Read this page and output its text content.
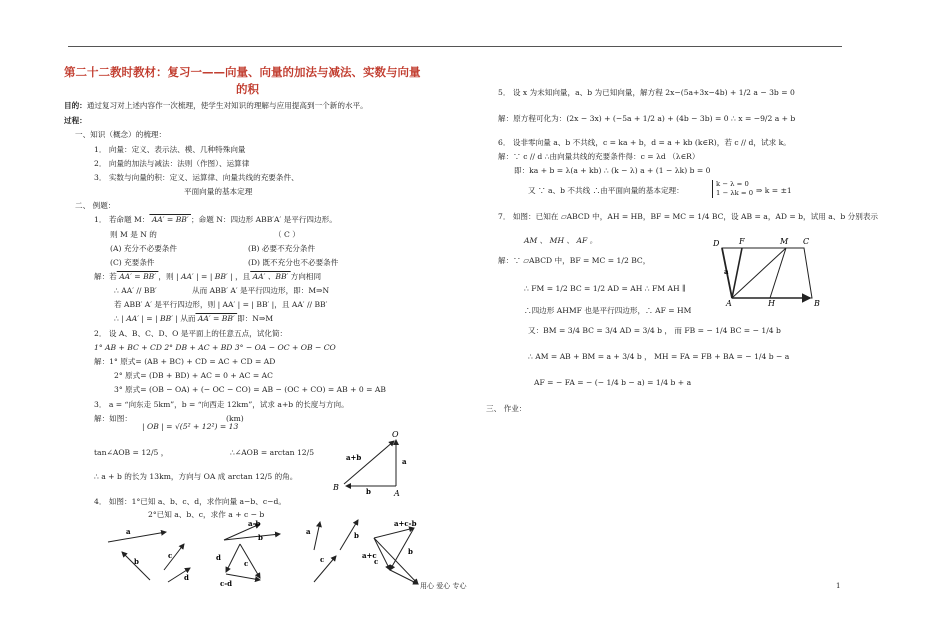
第二十二教时教材：复习一——向量、向量的加法与减法、实数与向量
的积
目的：通过复习对上述内容作一次梳理，使学生对知识的理解与应用提高到一个新的水平。
过程：
一、知识（概念）的梳理：
1． 向量：定义、表示法、模、几种特殊向量
2． 向量的加法与减法：法则（作图）、运算律
3． 实数与向量的积：定义、运算律、向量共线的充要条件、
平面向量的基本定理
二、 例题：
1． 若命题 M： AA′ = BB′ ；命题 N：四边形 ABB′A′ 是平行四边形。
则 M 是 N 的	（ C ）
(A) 充分不必要条件	(B) 必要不充分条件
(C) 充要条件	(D) 既不充分也不必要条件
解：若 AA′ = BB′ ，则 | AA′ | = | BB′ | ，且 AA′ 、BB′ 方向相同
∴ AA′ // BB′	从而 ABB′ A′ 是平行四边形，即：M⇒N
若 ABB′ A′ 是平行四边形，则 | AA′ | = | BB′ |，且 AA′ // BB′
∴ | AA′ | = | BB′ | 从而 AA′ = BB′ 即：N⇒M
2． 设 A、B、C、D、O 是平面上的任意五点，试化简：
1° AB + BC + CD 2° DB + AC + BD 3° − OA − OC + OB − CO
解：1° 原式= (AB + BC) + CD = AC + CD = AD
2° 原式= (DB + BD) + AC = 0 + AC = AC
3° 原式= (OB − OA) + (− OC − CO) = AB − (OC + CO) = AB + 0 = AB
3． a = “向东走 5km”，b = “向西走 12km”，试求 a+b 的长度与方向。
解：如图：
| OB | = √(5² + 12²) = 13
(km)
tan∠AOB = 12/5 ，	∴∠AOB = arctan 12/5
∴ a + b 的长为 13km，方向与 OA 成 arctan 12/5 的角。
4． 如图：1°已知 a、b、c、d，求作向量 a−b、c−d。
2°已知 a、b、c，求作 a + c − b
O
A
B
a
b
a+b
a
b
c
d
a-b
b
d
c-d
c
a	b
c
a+c-b
a+c	b
c
5． 设 x 为未知向量，a、b 为已知向量，解方程 2x−(5a+3x−4b) + 1/2 a − 3b = 0
解：原方程可化为：(2x − 3x) + (−5a + 1/2 a) + (4b − 3b) = 0 ∴ x = −9/2 a + b
6． 设非零向量 a、b 不共线，c = ka + b，d = a + kb (k∈R)，若 c // d，试求 k。
解：∵ c // d ∴由向量共线的充要条件得：c = λd （λ∈R）
即：ka + b = λ(a + kb) ∴ (k − λ) a + (1 − λk) b = 0
又 ∵ a、b 不共线 ∴由平面向量的基本定理：
k − λ = 0
1 − λk = 0 ⇒ k = ±1
7． 如图：已知在 ▱ABCD 中，AH = HB，BF = MC = 1/4 BC，设 AB = a，AD = b，试用 a、b 分别表示
AM 、 MH 、 AF 。
解：∵ ▱ABCD 中，BF = MC = 1/2 BC，
∴ FM = 1/2 BC = 1/2 AD = AH ∴ FM AH ∥
∴四边形 AHMF 也是平行四边形，∴ AF = HM
又：BM = 3/4 BC = 3/4 AD = 3/4 b ， 而 FB = − 1/4 BC = − 1/4 b
∴ AM = AB + BM = a + 3/4 b ， MH = FA = FB + BA = − 1/4 b − a
AF = − FA = − (− 1/4 b − a) = 1/4 b + a
三、 作业：
D F	M C
A	H	B
a
用心 爱心 专心	1
